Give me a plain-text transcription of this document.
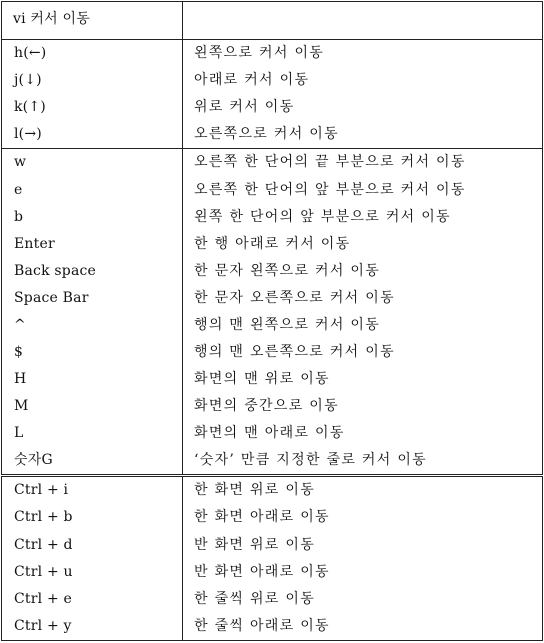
vi 커서 이동	
h(←)	왼쪽으로 커서 이동
j(↓)	아래로 커서 이동
k(↑)	위로 커서 이동
l(→)	오른쪽으로 커서 이동
w	오른쪽 한 단어의 끝 부분으로 커서 이동
e	오른쪽 한 단어의 앞 부분으로 커서 이동
b	왼쪽 한 단어의 앞 부분으로 커서 이동
Enter	한 행 아래로 커서 이동
Back space	한 문자 왼쪽으로 커서 이동
Space Bar	한 문자 오른쪽으로 커서 이동
^	행의 맨 왼쪽으로 커서 이동
$	행의 맨 오른쪽으로 커서 이동
H	화면의 맨 위로 이동
M	화면의 중간으로 이동
L	화면의 맨 아래로 이동
숫자G	‘숫자’ 만큼 지정한 줄로 커서 이동
Ctrl + i	한 화면 위로 이동
Ctrl + b	한 화면 아래로 이동
Ctrl + d	반 화면 위로 이동
Ctrl + u	반 화면 아래로 이동
Ctrl + e	한 줄씩 위로 이동
Ctrl + y	한 줄씩 아래로 이동
